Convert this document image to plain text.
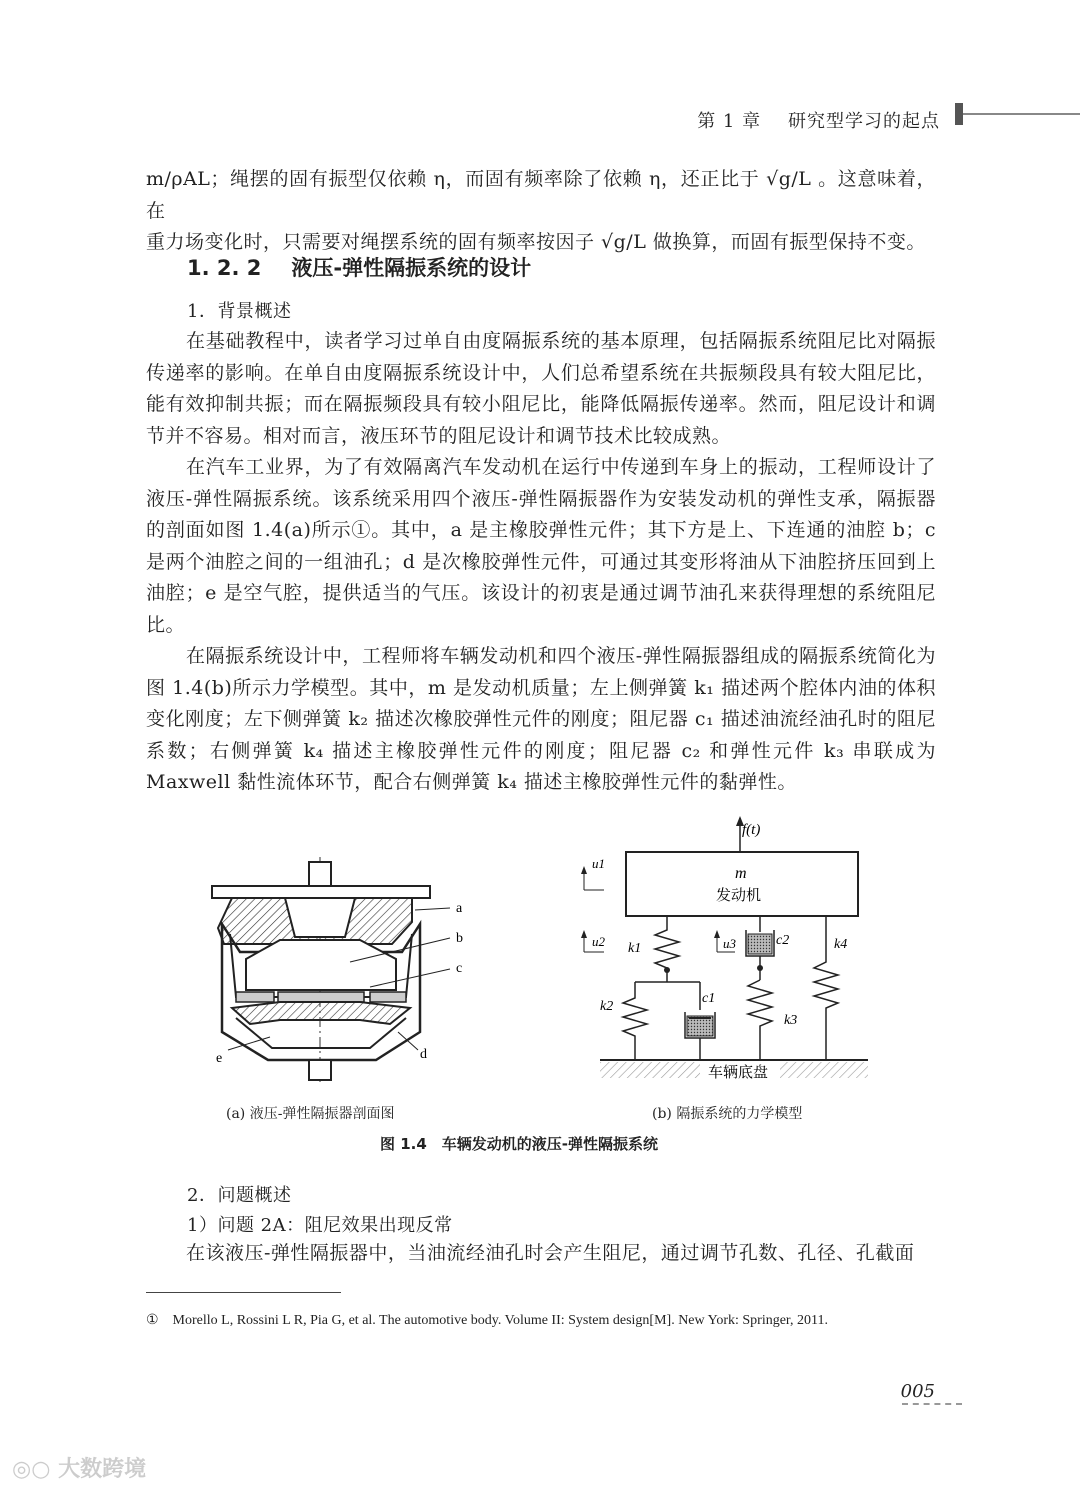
第 1 章 研究型学习的起点

m/ρAL；绳摆的固有振型仅依赖 η，而固有频率除了依赖 η，还正比于 √g/L 。这意味着，在

重力场变化时，只需要对绳摆系统的固有频率按因子 √g/L 做换算，而固有振型保持不变。

1. 2. 2 液压-弹性隔振系统的设计
1．背景概述

在基础教程中，读者学习过单自由度隔振系统的基本原理，包括隔振系统阻尼比对隔振传递率的影响。在单自由度隔振系统设计中，人们总希望系统在共振频段具有较大阻尼比，能有效抑制共振；而在隔振频段具有较小阻尼比，能降低隔振传递率。然而，阻尼设计和调节并不容易。相对而言，液压环节的阻尼设计和调节技术比较成熟。

在汽车工业界，为了有效隔离汽车发动机在运行中传递到车身上的振动，工程师设计了液压-弹性隔振系统。该系统采用四个液压-弹性隔振器作为安装发动机的弹性支承，隔振器的剖面如图 1.4(a)所示①。其中，a 是主橡胶弹性元件；其下方是上、下连通的油腔 b；c 是两个油腔之间的一组油孔；d 是次橡胶弹性元件，可通过其变形将油从下油腔挤压回到上油腔；e 是空气腔，提供适当的气压。该设计的初衷是通过调节油孔来获得理想的系统阻尼比。

在隔振系统设计中，工程师将车辆发动机和四个液压-弹性隔振器组成的隔振系统简化为图 1.4(b)所示力学模型。其中，m 是发动机质量；左上侧弹簧 k₁ 描述两个腔体内油的体积变化刚度；左下侧弹簧 k₂ 描述次橡胶弹性元件的刚度；阻尼器 c₁ 描述油流经油孔时的阻尼系数；右侧弹簧 k₄ 描述主橡胶弹性元件的刚度；阻尼器 c₂ 和弹性元件 k₃ 串联成为 Maxwell 黏性流体环节，配合右侧弹簧 k₄ 描述主橡胶弹性元件的黏弹性。

a
b
c
d
e
f(t)
m
发动机
u1
u2	u3
k1
k2
k3
k4
c1
c2
车辆底盘
(a) 液压-弹性隔振器剖面图	(b) 隔振系统的力学模型
图 1.4　车辆发动机的液压-弹性隔振系统
2．问题概述
1）问题 2A：阻尼效果出现反常

在该液压-弹性隔振器中，当油流经油孔时会产生阻尼，通过调节孔数、孔径、孔截面

①　Morello L, Rossini L R, Pia G, et al. The automotive body. Volume II: System design[M]. New York: Springer, 2011.
005
◎○ 大数跨境
